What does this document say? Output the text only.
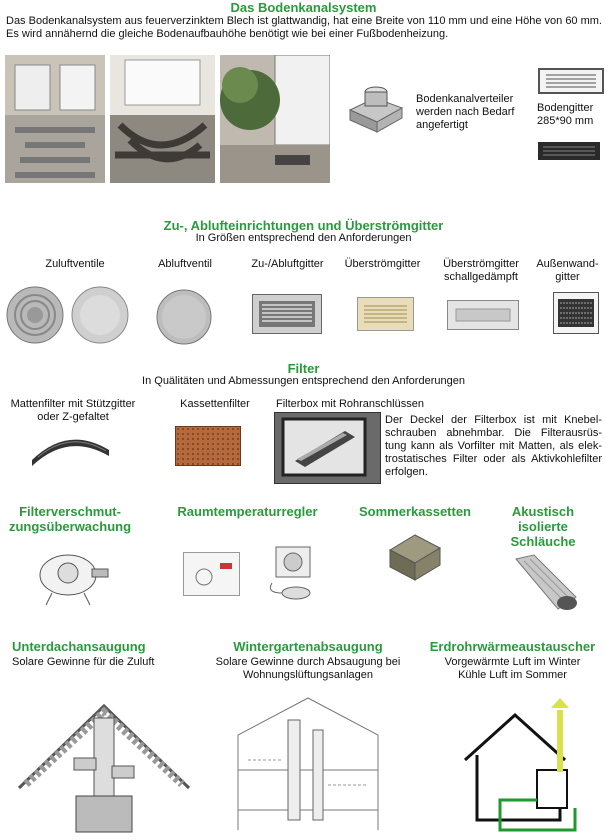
Das Bodenkanalsystem
Das Bodenkanalsystem aus feuerverzinktem Blech ist glattwandig, hat eine Breite von 110 mm und eine Höhe von 60 mm. Es wird annähernd die gleiche Bodenaufbauhöhe benötigt wie bei einer Fußbodenheizung.
Bodenkanalverteiler werden nach Bedarf angefertigt
Bodengitter
285*90 mm
Zu-, Ablufteinrichtungen und Überströmgitter
In Größen entsprechend den Anforderungen
Zuluftventile	Abluftventil	Zu-/Abluftgitter	Überströmgitter	Überströmgitter schallgedämpft
Außenwand-gitter
Filter
In Quälitäten und Abmessungen entsprechend den Anforderungen
Mattenfilter mit Stützgitter oder Z-gefaltet
Kassettenfilter	Filterbox mit Rohranschlüssen
Der Deckel der Filterbox ist mit Knebel-schrauben abnehmbar. Die Filterausrüs-tung kann als Vorfilter mit Matten, als elek-trostatisches Filter oder als Aktivkohlefilter erfolgen.
Filterverschmut-zungsüberwachung
Raumtemperaturregler	Sommerkassetten	Akustisch isolierte Schläuche
Unterdachansaugung
Solare Gewinne für die Zuluft
Wintergartenabsaugung
Solare Gewinne durch Absaugung bei Wohnungslüftungsanlagen
Erdrohrwärmeaustauscher
Vorgewärmte Luft im Winter
Kühle Luft im Sommer
